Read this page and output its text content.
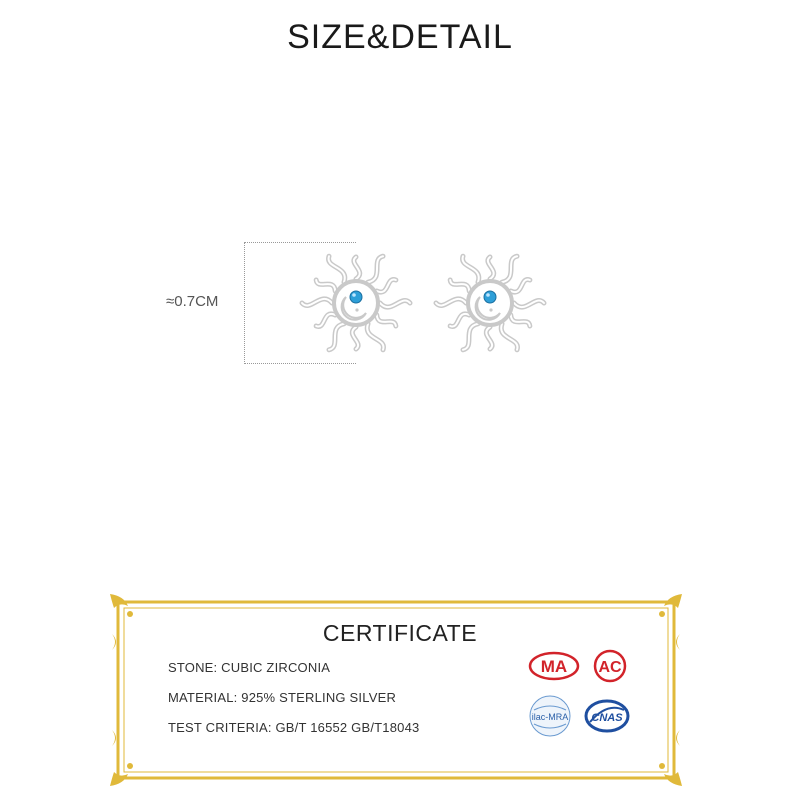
SIZE&DETAIL
≈0.7CM
CERTIFICATE
STONE: CUBIC ZIRCONIA
MATERIAL: 925% STERLING SILVER
TEST CRITERIA: GB/T 16552 GB/T18043
MA AC
ilac-MRA CNAS
